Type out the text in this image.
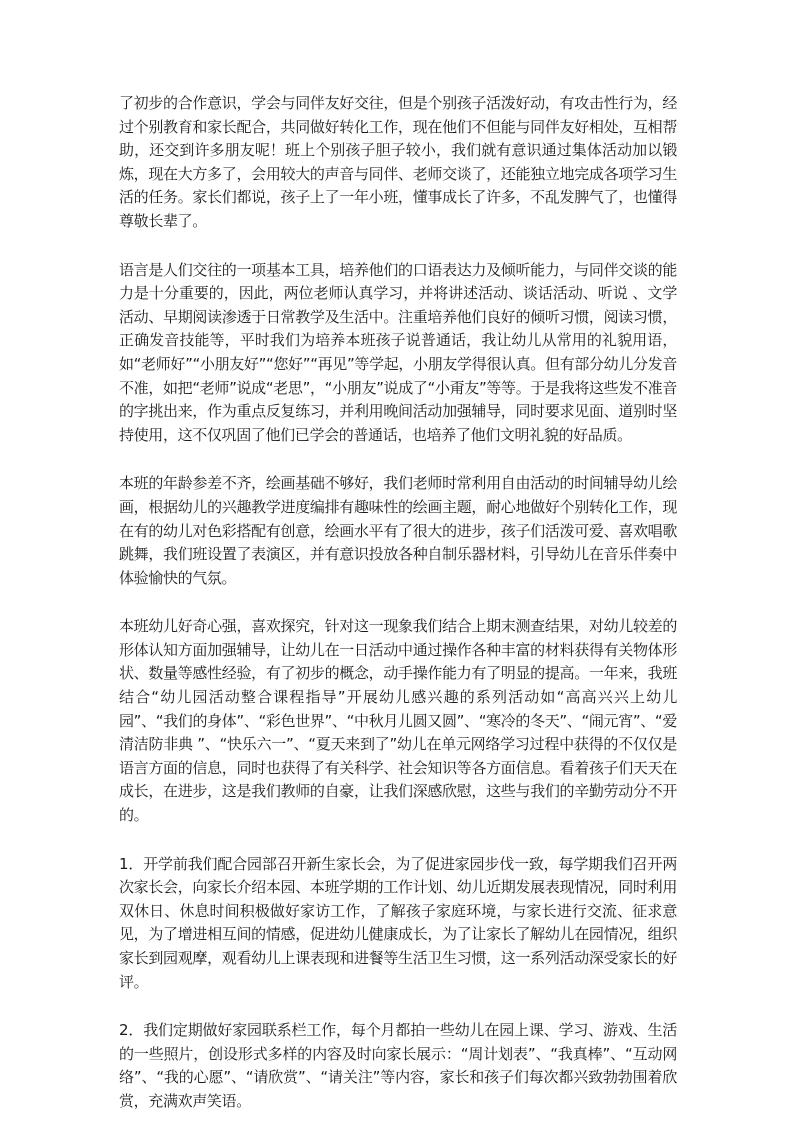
了初步的合作意识，学会与同伴友好交往，但是个别孩子活泼好动，有攻击性行为，经过个别教育和家长配合，共同做好转化工作，现在他们不但能与同伴友好相处，互相帮助，还交到许多朋友呢！班上个别孩子胆子较小，我们就有意识通过集体活动加以锻炼，现在大方多了，会用较大的声音与同伴、老师交谈了，还能独立地完成各项学习生活的任务。家长们都说，孩子上了一年小班，懂事成长了许多，不乱发脾气了，也懂得尊敬长辈了。

语言是人们交往的一项基本工具，培养他们的口语表达力及倾听能力，与同伴交谈的能力是十分重要的，因此，两位老师认真学习，并将讲述活动、谈话活动、听说 、文学活动、早期阅读渗透于日常教学及生活中。注重培养他们良好的倾听习惯，阅读习惯，正确发音技能等，平时我们为培养本班孩子说普通话，我让幼儿从常用的礼貌用语，如“老师好”“小朋友好”“您好”“再见”等学起，小朋友学得很认真。但有部分幼儿分发音不准，如把“老师”说成“老思”，“小朋友”说成了“小甭友”等等。于是我将这些发不准音的字挑出来，作为重点反复练习，并利用晚间活动加强辅导，同时要求见面、道别时坚持使用，这不仅巩固了他们已学会的普通话，也培养了他们文明礼貌的好品质。

本班的年龄参差不齐，绘画基础不够好，我们老师时常利用自由活动的时间辅导幼儿绘画，根据幼儿的兴趣教学进度编排有趣味性的绘画主题，耐心地做好个别转化工作，现在有的幼儿对色彩搭配有创意，绘画水平有了很大的进步，孩子们活泼可爱、喜欢唱歌跳舞，我们班设置了表演区，并有意识投放各种自制乐器材料，引导幼儿在音乐伴奏中体验愉快的气氛。

本班幼儿好奇心强，喜欢探究，针对这一现象我们结合上期末测查结果，对幼儿较差的形体认知方面加强辅导，让幼儿在一日活动中通过操作各种丰富的材料获得有关物体形状、数量等感性经验，有了初步的概念，动手操作能力有了明显的提高。一年来，我班结合“幼儿园活动整合课程指导”开展幼儿感兴趣的系列活动如“高高兴兴上幼儿园”、“我们的身体”、“彩色世界”、“中秋月儿圆又圆”、“寒冷的冬天”、“闹元宵”、“爱清洁防非典 ”、“快乐六一”、“夏天来到了”幼儿在单元网络学习过程中获得的不仅仅是语言方面的信息，同时也获得了有关科学、社会知识等各方面信息。看着孩子们天天在成长，在进步，这是我们教师的自豪，让我们深感欣慰，这些与我们的辛勤劳动分不开的。

1．开学前我们配合园部召开新生家长会，为了促进家园步伐一致，每学期我们召开两次家长会，向家长介绍本园、本班学期的工作计划、幼儿近期发展表现情况，同时利用双休日、休息时间积极做好家访工作，了解孩子家庭环境，与家长进行交流、征求意见，为了增进相互间的情感，促进幼儿健康成长，为了让家长了解幼儿在园情况，组织家长到园观摩，观看幼儿上课表现和进餐等生活卫生习惯，这一系列活动深受家长的好评。

2．我们定期做好家园联系栏工作，每个月都拍一些幼儿在园上课、学习、游戏、生活的一些照片，创设形式多样的内容及时向家长展示：“周计划表”、“我真棒”、“互动网络”、“我的心愿”、“请欣赏”、“请关注”等内容，家长和孩子们每次都兴致勃勃围着欣赏，充满欢声笑语。
